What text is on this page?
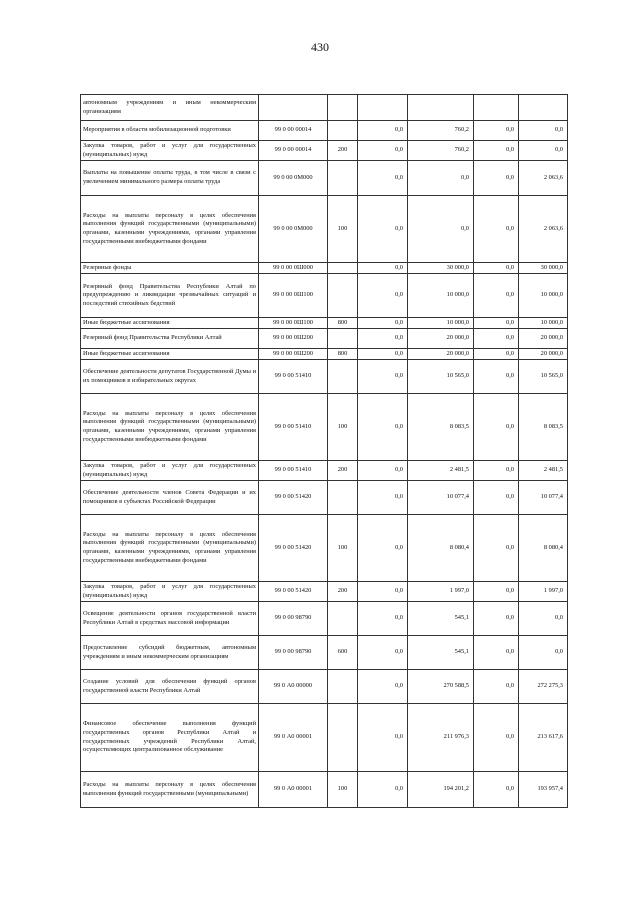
430
автономным учреждениям и иным некоммерческим организациям						
Мероприятия в области мобилизационной подготовки	99 0 00 00014		0,0	760,2	0,0	0,0
Закупка товаров, работ и услуг для государственных (муниципальных) нужд	99 0 00 00014	200	0,0	760,2	0,0	0,0
Выплаты на повышение оплаты труда, в том числе в связи с увеличением минимального размера оплаты труда	99 0 00 0М000		0,0	0,0	0,0	2 063,6
Расходы на выплаты персоналу в целях обеспечения выполнения функций государственными (муниципальными) органами, казенными учреждениями, органами управления государственными внебюджетными фондами	99 0 00 0М000	100	0,0	0,0	0,0	2 063,6
Резервные фонды	99 0 00 0Ш000		0,0	30 000,0	0,0	30 000,0
Резервный фонд Правительства Республики Алтай по предупреждению и ликвидации чрезвычайных ситуаций и последствий стихийных бедствий	99 0 00 0Ш100		0,0	10 000,0	0,0	10 000,0
Иные бюджетные ассигнования	99 0 00 0Ш100	800	0,0	10 000,0	0,0	10 000,0
Резервный фонд Правительства Республики Алтай	99 0 00 0Ш200		0,0	20 000,0	0,0	20 000,0
Иные бюджетные ассигнования	99 0 00 0Ш200	800	0,0	20 000,0	0,0	20 000,0
Обеспечение деятельности депутатов Государственной Думы и их помощников в избирательных округах	99 0 00 51410		0,0	10 565,0	0,0	10 565,0
Расходы на выплаты персоналу в целях обеспечения выполнения функций государственными (муниципальными) органами, казенными учреждениями, органами управления государственными внебюджетными фондами	99 0 00 51410	100	0,0	8 083,5	0,0	8 083,5
Закупка товаров, работ и услуг для государственных (муниципальных) нужд	99 0 00 51410	200	0,0	2 481,5	0,0	2 481,5
Обеспечение деятельности членов Совета Федерации и их помощников в субъектах Российской Федерации	99 0 00 51420		0,0	10 077,4	0,0	10 077,4
Расходы на выплаты персоналу в целях обеспечения выполнения функций государственными (муниципальными) органами, казенными учреждениями, органами управления государственными внебюджетными фондами	99 0 00 51420	100	0,0	8 080,4	0,0	8 080,4
Закупка товаров, работ и услуг для государственных (муниципальных) нужд	99 0 00 51420	200	0,0	1 997,0	0,0	1 997,0
Освещение деятельности органов государственной власти Республики Алтай в средствах массовой информации	99 0 00 98790		0,0	545,1	0,0	0,0
Предоставление субсидий бюджетным, автономным учреждениям и иным некоммерческим организациям	99 0 00 98790	600	0,0	545,1	0,0	0,0
Создание условий для обеспечения функций органов государственной власти Республики Алтай	99 0 А0 00000		0,0	270 588,5	0,0	272 275,3
Финансовое обеспечение выполнения функций государственных органов Республики Алтай и государственных учреждений Республики Алтай, осуществляющих централизованное обслуживание	99 0 А0 00001		0,0	211 976,3	0,0	213 617,6
Расходы на выплаты персоналу в целях обеспечения выполнения функций государственными (муниципальными)	99 0 А0 00001	100	0,0	194 201,2	0,0	193 957,4
